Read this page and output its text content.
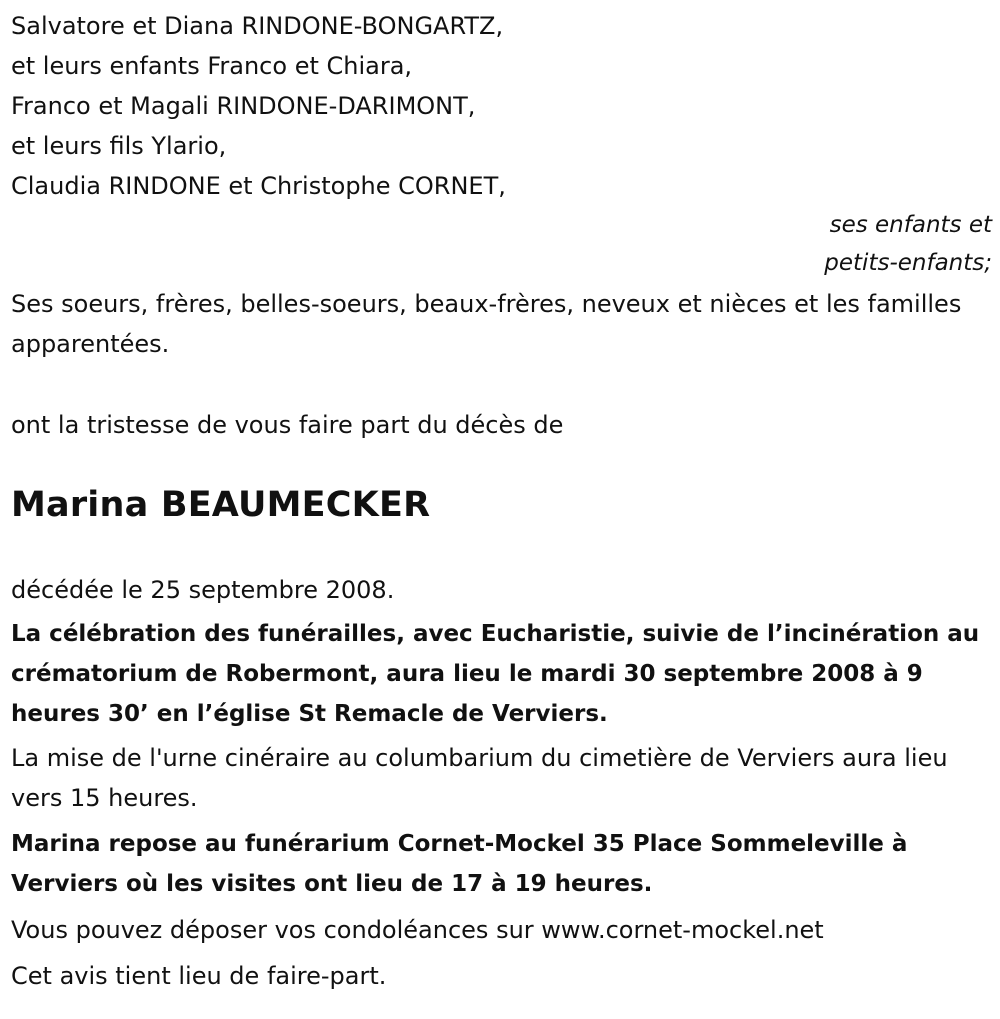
Salvatore et Diana RINDONE-BONGARTZ,
et leurs enfants Franco et Chiara,
Franco et Magali RINDONE-DARIMONT,
et leurs fils Ylario,
Claudia RINDONE et Christophe CORNET,
ses enfants et
petits-enfants;
Ses soeurs, frères, belles-soeurs, beaux-frères, neveux et nièces et les familles apparentées.
ont la tristesse de vous faire part du décès de
Marina BEAUMECKER
décédée le 25 septembre 2008.
La célébration des funérailles, avec Eucharistie, suivie de l’incinération au crématorium de Robermont, aura lieu le mardi 30 septembre 2008 à 9 heures 30’ en l’église St Remacle de Verviers.
La mise de l'urne cinéraire au columbarium du cimetière de Verviers aura lieu vers 15 heures.
Marina repose au funérarium Cornet-Mockel 35 Place Sommeleville à Verviers où les visites ont lieu de 17 à 19 heures.
Vous pouvez déposer vos condoléances sur www.cornet-mockel.net
Cet avis tient lieu de faire-part.
